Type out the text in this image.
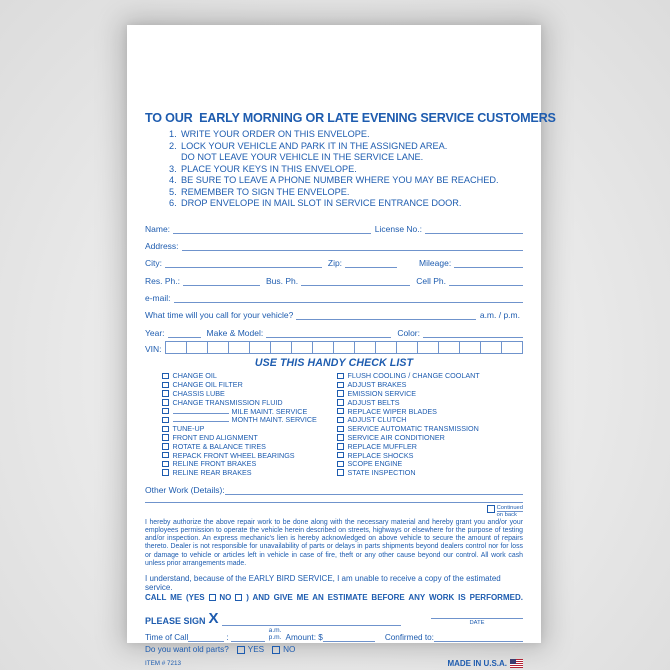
TO OUR  EARLY MORNING OR LATE EVENING SERVICE CUSTOMERS
1. WRITE YOUR ORDER ON THIS ENVELOPE.
2. LOCK YOUR VEHICLE AND PARK IT IN THE ASSIGNED AREA.
DO NOT LEAVE YOUR VEHICLE IN THE SERVICE LANE.
3. PLACE YOUR KEYS IN THIS ENVELOPE.
4. BE SURE TO LEAVE A PHONE NUMBER WHERE YOU MAY BE REACHED.
5. REMEMBER TO SIGN THE ENVELOPE.
6. DROP ENVELOPE IN MAIL SLOT IN SERVICE ENTRANCE DOOR.
Name:	License No.:
Address:
City:	Zip:	Mileage:
Res. Ph.:	Bus. Ph.	Cell Ph.
e-mail:
What time will you call for your vehicle?	a.m. / p.m.
Year:	Make & Model:	Color:
VIN:
USE THIS HANDY CHECK LIST
CHANGE OIL
CHANGE OIL FILTER
CHASSIS LUBE
CHANGE TRANSMISSION FLUID
MILE MAINT. SERVICE
MONTH MAINT. SERVICE
TUNE-UP
FRONT END ALIGNMENT
ROTATE & BALANCE TIRES
REPACK FRONT WHEEL BEARINGS
RELINE FRONT BRAKES
RELINE REAR BRAKES
FLUSH COOLING / CHANGE COOLANT
ADJUST BRAKES
EMISSION SERVICE
ADJUST BELTS
REPLACE WIPER BLADES
ADJUST CLUTCH
SERVICE AUTOMATIC TRANSMISSION
SERVICE AIR CONDITIONER
REPLACE MUFFLER
REPLACE SHOCKS
SCOPE ENGINE
STATE INSPECTION
Other Work (Details):
Continued
on back
I hereby authorize the above repair work to be done along with the necessary material and hereby grant you and/or your employees permission to operate the vehicle herein described on streets, highways or elsewhere for the purpose of testing and/or inspection. An express mechanic's lien is hereby acknowledged on above vehicle to secure the amount of repairs thereto. Dealer is not responsible for unavailability of parts or delays in parts shipments beyond dealers control nor for loss or damage to vehicle or articles left in vehicle in case of fire, theft or any other cause beyond our control. All work cash unless prior arrangements made.
I understand, because of the EARLY BIRD SERVICE, I am unable to receive a copy of the estimated service.
CALL ME (YES NO ) AND GIVE ME AN ESTIMATE BEFORE ANY WORK IS PERFORMED.
PLEASE SIGN X	DATE
Time of Call	:
a.m.
p.m. Amount: $	Confirmed to:
Do you want old parts? YES NO
ITEM # 7213	MADE IN U.S.A.
